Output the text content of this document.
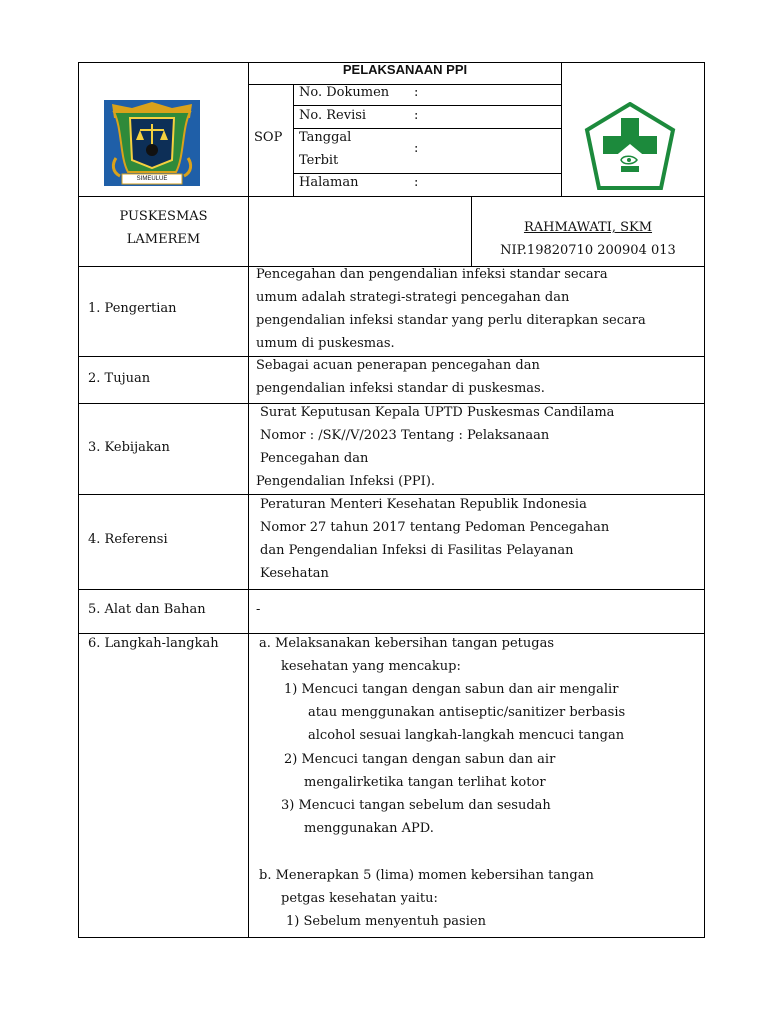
SIMEULUE
PELAKSANAAN PPI
SOP
No. Dokumen :
No. Revisi	:
Tanggal
Terbit
:
Halaman	:
PUSKESMAS
LAMEREM
RAHMAWATI, SKM
NIP.19820710 200904 013
1. Pengertian
Pencegahan dan pengendalian infeksi standar secara
umum adalah strategi-strategi pencegahan dan
pengendalian infeksi standar yang perlu diterapkan secara
umum di puskesmas.
2. Tujuan
Sebagai acuan penerapan pencegahan dan
pengendalian infeksi standar di puskesmas.
3. Kebijakan
Surat Keputusan Kepala UPTD Puskesmas Candilama
Nomor : /SK//V/2023 Tentang : Pelaksanaan
Pencegahan dan
Pengendalian Infeksi (PPI).
4. Referensi
Peraturan Menteri Kesehatan Republik Indonesia
Nomor 27 tahun 2017 tentang Pedoman Pencegahan
dan Pengendalian Infeksi di Fasilitas Pelayanan
Kesehatan
5. Alat dan Bahan	-
6. Langkah-langkah	a. Melaksanakan kebersihan tangan petugas
kesehatan yang mencakup:
1) Mencuci tangan dengan sabun dan air mengalir
atau menggunakan antiseptic/sanitizer berbasis
alcohol sesuai langkah-langkah mencuci tangan
2) Mencuci tangan dengan sabun dan air
mengalirketika tangan terlihat kotor
3) Mencuci tangan sebelum dan sesudah
menggunakan APD.
b. Menerapkan 5 (lima) momen kebersihan tangan
petgas kesehatan yaitu:
1) Sebelum menyentuh pasien
